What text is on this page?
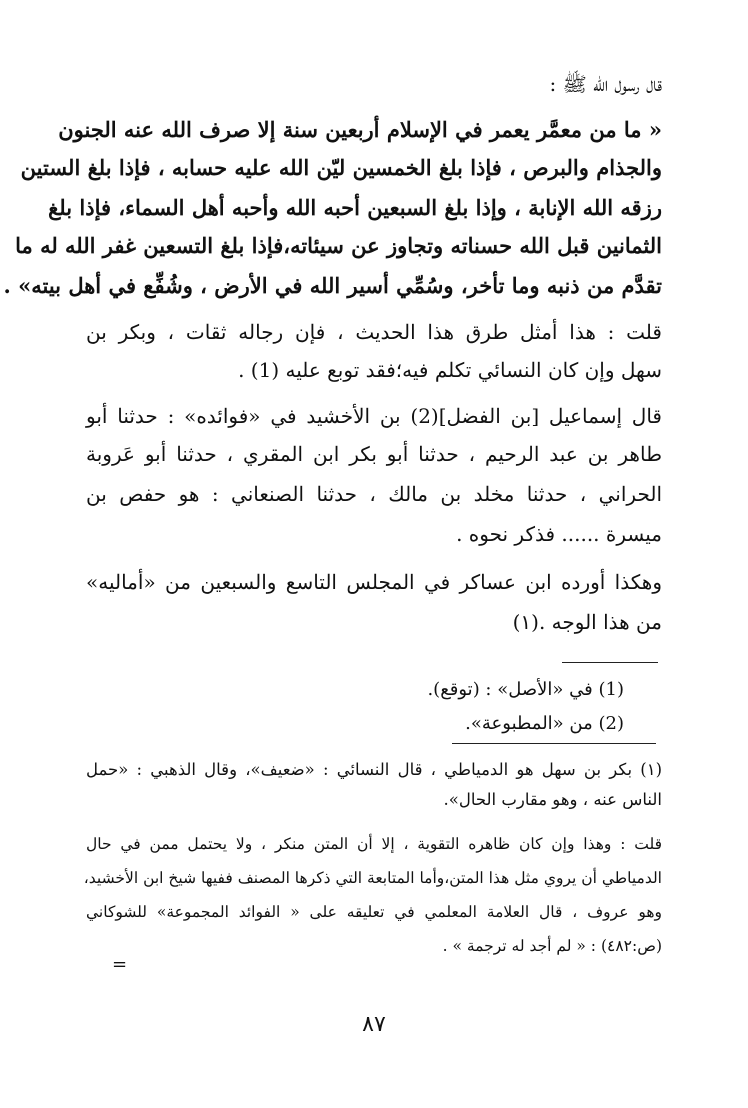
قال رسول الله ﷺ :
« ما من معمَّر يعمر في الإسلام أربعين سنة إلا صرف الله عنه الجنون
والجذام والبرص ، فإذا بلغ الخمسين ليّن الله عليه حسابه ، فإذا بلغ الستين
رزقه الله الإنابة ، وإذا بلغ السبعين أحبه الله وأحبه أهل السماء، فإذا بلغ
الثمانين قبل الله حسناته وتجاوز عن سيئاته،فإذا بلغ التسعين غفر الله له ما
تقدَّم من ذنبه وما تأخر، وسُمِّي أسير الله في الأرض ، وشُفِّع في أهل بيته» .
قلت : هذا أمثل طرق هذا الحديث ، فإن رجاله ثقات ، وبكر بن
سهل وإن كان النسائي تكلم فيه؛فقد توبع عليه (1) .
قال إسماعيل [بن الفضل](2) بن الأخشيد في «فوائده» : حدثنا أبو
طاهر بن عبد الرحيم ، حدثنا أبو بكر ابن المقري ، حدثنا أبو عَروبة
الحراني ، حدثنا مخلد بن مالك ، حدثنا الصنعاني : هو حفص بن
ميسرة ...... فذكر نحوه .
وهكذا أورده ابن عساكر في المجلس التاسع والسبعين من «أماليه»
من هذا الوجه .(١)
(1) في «الأصل» : (توقع).
(2) من «المطبوعة».
(١) بكر بن سهل هو الدمياطي ، قال النسائي : «ضعيف»، وقال الذهبي : «حمل
الناس عنه ، وهو مقارب الحال».
قلت : وهذا وإن كان ظاهره التقوية ، إلا أن المتن منكر ، ولا يحتمل ممن في حال
الدمياطي أن يروي مثل هذا المتن،وأما المتابعة التي ذكرها المصنف ففيها شيخ ابن الأخشيد،
وهو عروف ، قال العلامة المعلمي في تعليقه على « الفوائد المجموعة» للشوكاني
(ص:٤٨٢) : « لم أجد له ترجمة » .
=
٨٧
